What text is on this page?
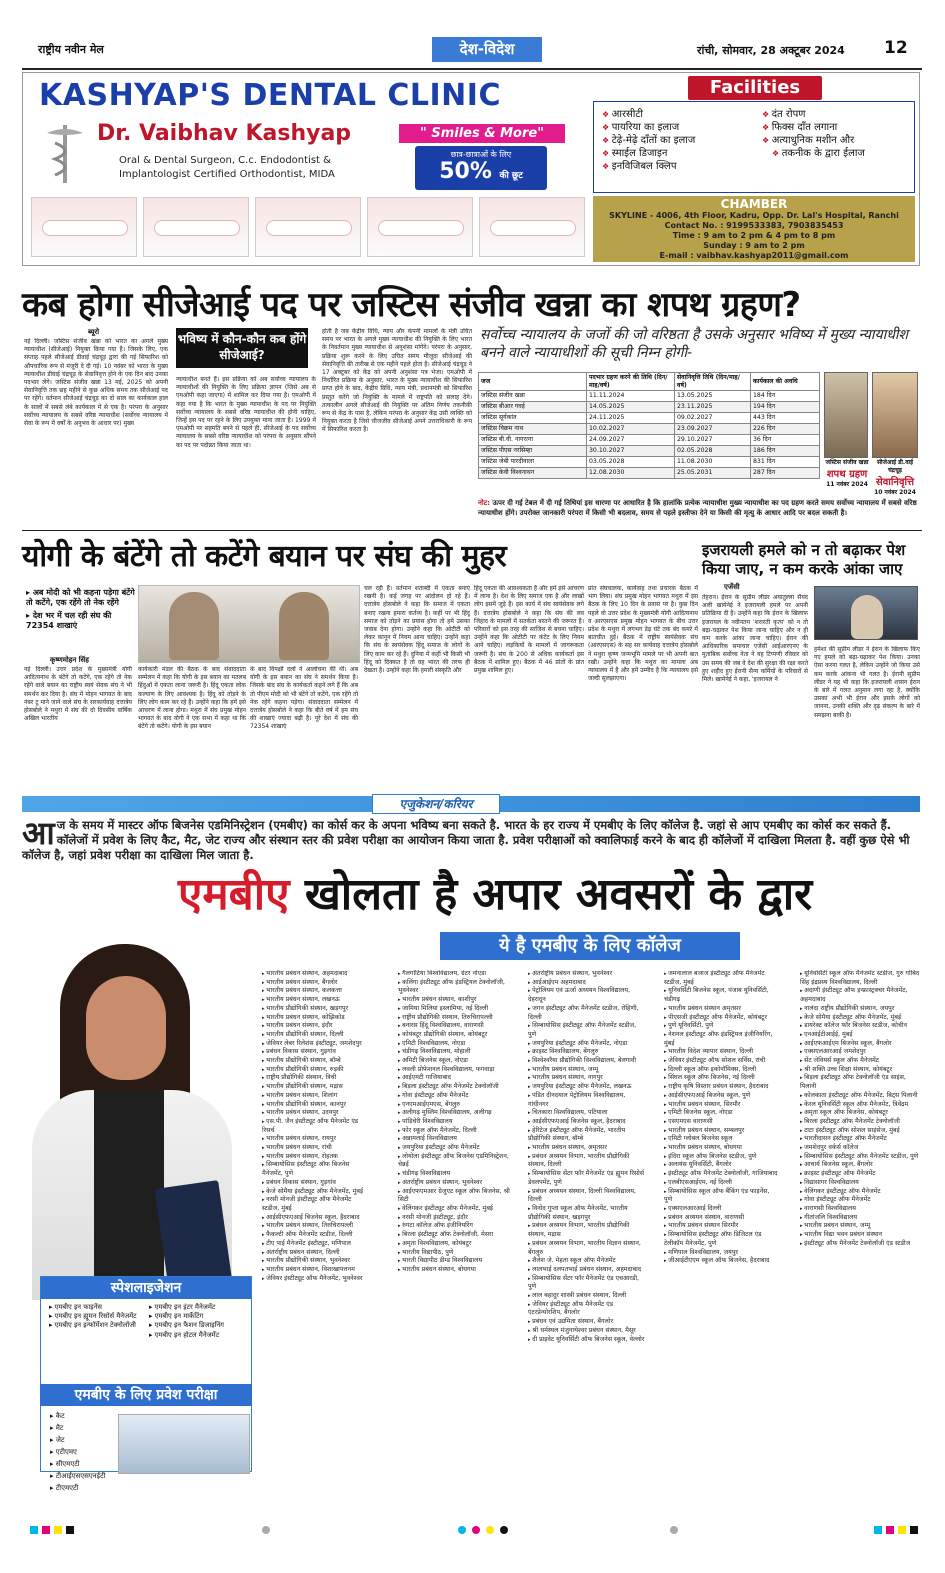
राष्ट्रीय नवीन मेल	देश-विदेश	रांची, सोमवार, 28 अक्टूबर 2024 12
KASHYAP'S DENTAL CLINIC
Dr. Vaibhav Kashyap	" Smiles & More"
Oral & Dental Surgeon, C.c. Endodontist &
Implantologist Certified Orthodontist, MIDA
छात्र-छात्राओं के लिए
50% की छूट
Facilities
❖ आरसीटी
❖ पायरिया का इलाज
❖ टेढ़े-मेढ़े दाँतों का इलाज
❖ स्माईल डिजाइन
❖ इनविजिबल क्लिप
❖ दंत रोपण
❖ फिक्स दाँत लगाना
❖ अत्याधुनिक मशीन और
❖ तकनीक के द्वारा ईलाज
CHAMBER
SKYLINE - 4006, 4th Floor, Kadru, Opp. Dr. Lal's Hospital, Ranchi
Contact No. : 9199533383, 7903835453
Time : 9 am to 2 pm & 4 pm to 8 pm
Sunday : 9 am to 2 pm
E-mail : vaibhav.kashyap2011@gmail.com
कब होगा सीजेआई पद पर जस्टिस संजीव खन्ना का शपथ ग्रहण?
ब्यूरो
नई दिल्ली। जस्टिस संजीव खन्ना को भारत का अगले मुख्य न्यायाधीश (सीजेआई) नियुक्त किया गया है। जिसके लिए, एक सप्ताह पहले सीजेआई डीवाई चंद्रचूड़ द्वारा की गई सिफारिश को औपचारिक रूप से मंजूरी दे दी गई। 10 नवंबर को भारत के मुख्य न्यायाधीश डीवाई चंद्रचूड़ के सेवानिवृत्त होने के एक दिन बाद उनका पदभार लेंगे। जस्टिस संजीव खन्ना 13 मई, 2025 को अपनी सेवानिवृत्ति तक छह महीने से कुछ अधिक समय तक सीजेआई पद पर रहेंगे। वर्तमान सीजेआई चंद्रचूड़ का दो साल का कार्यकाल हाल के सालों में सबसे लंबे कार्यकाल में से एक है। परंपरा के अनुसार सर्वोच्च न्यायालय के सबसे वरिष्ठ न्यायाधीश (सर्वोच्च न्यायालय में सेवा के रूप में वर्षों के अनुभव के आधार पर) मुख्य
भविष्य में कौन-कौन कब होंगे सीजेआई?
न्यायाधीश बनते हैं। इस प्रक्रिया को अब सर्वोच्च न्यायालय के न्यायाधीशों की नियुक्ति के लिए प्रक्रिया ज्ञापन (जिसे अब से एमओपी कहा जाएगा) में शामिल कर दिया गया है। एमओपी में कहा गया है कि भारत के मुख्य न्यायाधीश के पद पर नियुक्ति सर्वोच्च न्यायालय के सबसे वरिष्ठ न्यायाधीश की होनी चाहिए, जिन्हें इस पद पर रहने के लिए उपयुक्त माना जाता है। 1999 में एमओपी पर सहमति बनने से पहले ही, सीजेआई के पद सर्वोच्च न्यायालय के सबसे वरिष्ठ न्यायाधीश को परंपरा के अनुसार सौंपने का पद पर पदोन्नत किया जाता था।
होती है जब केंद्रीय विधि, न्याय और कंपनी मामलों के मंत्री उचित समय पर भारत के अगले मुख्य न्यायाधीश की नियुक्ति के लिए भारत के निवर्तमान मुख्य न्यायाधीश से अनुशंसा मांगेंगे। परंपरा के अनुसार, प्रक्रिया शुरू करने के लिए उचित समय मौजूदा सीजेआई की सेवानिवृत्ति की तारीख से एक महीने पहले होता है। सीजेआई चंद्रचूड़ ने 17 अक्टूबर को केंद्र को अपनी अनुशंसा पत्र भेजा। एमओपी में निर्धारित प्रक्रिया के अनुसार, भारत के मुख्य न्यायाधीश की सिफारिश प्राप्त होने के बाद, केंद्रीय विधि, न्याय मंत्री, प्रधानमंत्री को सिफारिश प्रस्तुत करेंगे जो नियुक्ति के मामले में राष्ट्रपति को सलाह देंगे। तत्कालीन अगले सीजेआई की नियुक्ति पर अंतिम निर्णय तकनीकी रूप से केंद्र के पास है, लेकिन परंपरा के अनुसार केंद्र उसी व्यक्ति को नियुक्त करता है जिसे चीजजीव सीजेआई अपने उत्तराधिकारी के रूप में सिफारिश करता है।
सर्वोच्च न्यायालय के जजों की जो वरिष्ठता है उसके अनुसार भविष्य में मुख्य न्यायाधीश बनने वाले न्यायाधीशों की सूची निम्न होगी-
जज	पदभार ग्रहण करने की तिथि (दिन/माह/वर्ष)	सेवानिवृत्ति तिथि (दिन/माह/वर्ष)	कार्यकाल की अवधि
जस्टिस संजीव खन्ना	11.11.2024	13.05.2025	184 दिन
जस्टिस बीआर गवई	14.05.2025	23.11.2025	194 दिन
जस्टिस सूर्यकांत	24.11.2025	09.02.2027	443 दिन
जस्टिस विक्रम नाथ	10.02.2027	23.09.2027	226 दिन
जस्टिस बी.वी. नागरत्ना	24.09.2027	29.10.2027	36 दिन
जस्टिस पीएस नरसिम्हा	30.10.2027	02.05.2028	186 दिन
जस्टिस जेबी पारदीवाला	03.05.2028	11.08.2030	831 दिन
जस्टिस केवी विश्वनाथन	12.08.2030	25.05.2031	287 दिन
जस्टिस संजीव खन्ना
शपथ ग्रहण
11 नवंबर 2024
सीजेआई डी.वाई चंद्रचूड़
सेवानिवृत्ति
10 नवंबर 2024
नोट: ऊपर दी गई टेबल में दी गई तिथियां इस धारणा पर आधारित है कि हालांकि प्रत्येक न्यायाधीश मुख्य न्यायाधीश का पद ग्रहण करते समय सर्वोच्च न्यायालय में सबसे वरिष्ठ न्यायाधीश होंगे। उपरोक्त जानकारी परंपरा में किसी भी बदलाव, समय से पहले इस्तीफा देने या किसी की मृत्यु के आधार आदि पर बदल सकती है।
योगी के बंटेंगे तो कटेंगे बयान पर संघ की मुहर
▸ अब मोदी को भी कहना पड़ेगा बंटेंगे तो कटेंगे, एक रहेंगे तो नेक रहेंगे
▸ देश भर में चल रही संघ की 72354 शाखाएं
कृष्णमोहन सिंह
नई दिल्ली। उत्तर प्रदेश के मुख्यमंत्री योगी आदित्यनाथ के बंटेंगे तो कटेंगे, एक रहेंगे तो नेक रहेंगे वाले बयान का राष्ट्रीय स्वयं सेवक संघ ने भी समर्थन कर दिया है। संघ में मोहन भागवत के बाद नंबर टू माने जाने वाले संघ के सरकार्यवाह दत्तात्रेय होसबोले ने मथुरा में संघ की दो दिवसीय वार्षिक अखिल भारतीय
कार्यकारी मंडल की बैठक के बाद संवाददाता सम्मेलन में कहा कि योगी के इस बयान का मतलब हिंदुओं में एकता लाना जरूरी है। हिंदू एकता लोक कल्याण के लिए आवश्यक है। हिंदू को तोड़ने के लिए लोग काम कर रहे हैं। उन्होंने कहा कि हमें इसे आचरण में लाना होगा। मथुरा में संघ प्रमुख मोहन भागवत के बाद योगी ने एक सभा में कहा था कि बंटेंगे तो कटेंगे। योगी के इस बयान
के बाद विपक्षी दलों ने आलोचना की थी। अब योगी के इस बयान का संघ ने समर्थन किया है। जिसके बाद संघ के कार्यकर्ता कहने लगे हैं कि अब तो पीएम मोदी को भी बंटेंगे तो कटेंगे, एक रहेंगे तो नेक रहेंगे कहना पड़ेगा। संवाददाता सम्मेलन में दत्तात्रेय होसबोले ने कहा कि बीते वर्ष में हम संघ की शाखाएं ज्यादा बढ़ी है। पूरे देश में संघ की 72354 शाखाएं
चल रही हैं। वर्तमान शताब्दी में एकता बनाए रखनी है। कई जगह पर आंदोलन हो रहे हैं। दत्तात्रेय होसबोले ने कहा कि समाज में एकता बनाए रखना हमारा कर्तव्य है। कहीं पर भी हिंदू समाज को तोड़ने का प्रयास होगा तो हमें उसका जवाब देना होगा। उन्होंने कहा कि ओटीटी को लेकर कानून में नियम आना चाहिए। उन्होंने कहा कि संघ के स्वयंसेवक हिंदू समाज के लोगों के लिए काम कर रहे हैं। दुनिया में कहीं भी किसी भी हिंदू को दिक्कत है तो वह भारत की तरफ ही देखता है। उन्होंने कहा कि हमारी संस्कृति और
हिंदू एकता की आवश्यकता है और हमें इसे आचरण में लाना है। देश के लिए समाज एक है और लाखों लोग इसमें जुड़े हैं। इस कार्य में संघ स्वयंसेवक लगे हैं। दत्तात्रेय होसबोले ने कहा कि संघ की लव जिहाद के मामलों में सतर्कता बरतने की जरूरत है। परिवारों को इस तरह की साजिश से बचना चाहिए। उन्होंने कहा कि ओटीटी पर कंटेंट के लिए नियम आने चाहिए। लड़कियों के मामलों में जागरूकता जरूरी है। संघ के 200 से अधिक कार्यकर्ता इस बैठक में शामिल हुए। बैठक में 46 प्रांतों के प्रांत प्रमुख शामिल हुए।
प्रांत संघचालक, कार्यवाह तथा प्रचारक बैठक में भाग लिया। संघ प्रमुख मोहन भागवत मथुरा में इस बैठक के लिए 10 दिन के प्रवास पर है। कुछ दिन पहले वो उत्तर प्रदेश के मुख्यमंत्री योगी आदित्यनाथ व आरएसएस प्रमुख मोहन भागवत के बीच उत्तर प्रदेश के मथुरा में लगभग डेढ़ घंटे तक बंद कमरे में बातचीत हुई। बैठक में राष्ट्रीय स्वयंसेवक संघ (आरएसएस) के सह सर कार्यवाह दत्तात्रेय होसबोले ने मथुरा कृष्ण जन्मभूमि मामले पर भी अपनी बात रखी। उन्होंने कहा कि मथुरा का मामला अब न्यायालय में है और हमें उम्मीद है कि न्यायालय इसे जल्दी सुलझाएगा।
इजरायली हमले को न तो बढ़ाकर पेश किया जाए, न कम करके आंका जाए
एजेंसी
तेहरान। ईरान के सुप्रीम लीडर अयातुल्ला सैयद अली खामेनेई ने इजरायली हमले पर अपनी प्रतिक्रिया दी है। उन्होंने कहा कि ईरान के खिलाफ इजरायल के नवीनतम 'शरारती कृत्य' को न तो बढ़ा-चढ़ाकर पेश किया जाना चाहिए और न ही कम करके आंका जाना चाहिए। ईरान की आधिकारिक समाचार एजेंसी आईआरएनए के मुताबिक सर्वोच्च नेता ने यह टिप्पणी रविवार को उस समय की जब वे देश की सुरक्षा की रक्षा करते हुए शहीद हुए ईरानी सैन्य कर्मियों के परिवारों से मिले। खामेनेई ने कहा, 'इजरायल ने
हमेशा की सुप्रीम लीडर ने ईरान के खिलाफ किए गए हमले को बढ़ा-चढ़ाकर पेश किया। उनका ऐसा करना गलत है, लेकिन उन्होंने जो किया उसे कम करके आंकना भी गलत है। ईरानी सुप्रीम लीडर ने यह भी कहा कि इजरायली शासन ईरान के बारे में गलत अनुमान लगा रहा है, क्योंकि उसका अभी भी ईरान और इसके लोगों को जानना, उनकी शक्ति और दृढ़ संकल्प के बारे में समझना बाकी है।
एजुकेशन/करियर
आज के समय में मास्टर ऑफ बिजनेस एडमिनिस्ट्रेशन (एमबीए) का कोर्स कर के अपना भविष्य बना सकते है. भारत के हर राज्य में एमबीए के लिए कॉलेज है. जहां से आप एमबीए का कोर्स कर सकते हैं. कॉलेजों में प्रवेश के लिए कैट, मैट, जेट राज्य और संस्थान स्तर की प्रवेश परीक्षा का आयोजन किया जाता है. प्रवेश परीक्षाओं को क्वालिफाई करने के बाद ही कॉलेजों में दाखिला मिलता है. वहीं कुछ ऐसे भी कॉलेज है, जहां प्रवेश परीक्षा का दाखिला मिल जाता है.
एमबीए खोलता है अपार अवसरों के द्वार
ये है एमबीए के लिए कॉलेज
▸ भारतीय प्रबंधन संस्थान, अहमदाबाद
▸ भारतीय प्रबंधन संस्थान, बैंगलोर
▸ भारतीय प्रबंधन संस्थान, कलकत्ता
▸ भारतीय प्रबंधन संस्थान, लखनऊ
▸ भारतीय प्रौद्योगिकी संस्थान, खड़गपुर
▸ भारतीय प्रबंधन संस्थान, कोझिकोड
▸ भारतीय प्रबंधन संस्थान, इंदौर
▸ भारतीय प्रौद्योगिकी संस्थान, दिल्ली
▸ जेवियर लेबर रिलेशंस इंस्टीट्यूट, जमशेदपुर
▸ प्रबंधन विकास संस्थान, गुड़गांव
▸ भारतीय प्रौद्योगिकी संस्थान, बॉम्बे
▸ भारतीय प्रौद्योगिकी संस्थान, रुड़की
▸ राष्ट्रीय प्रौद्योगिकी संस्थान, त्रिची
▸ भारतीय प्रौद्योगिकी संस्थान, मद्रास
▸ भारतीय प्रबंधन संस्थान, शिलांग
▸ भारतीय प्रौद्योगिकी संस्थान, कानपुर
▸ भारतीय प्रबंधन संस्थान, उदयपुर
▸ एस.पी. जैन इंस्टीट्यूट ऑफ मैनेजमेंट एंड रिसर्च
▸ भारतीय प्रबंधन संस्थान, रायपुर
▸ भारतीय प्रबंधन संस्थान, रांची
▸ भारतीय प्रबंधन संस्थान, रोहतक
▸ सिम्बायोसिस इंस्टीट्यूट ऑफ बिजनेस मैनेजमेंट, पुणे
▸ प्रबंधन विकास संस्थान, गुड़गांव
▸ केजे सोमैया इंस्टीट्यूट ऑफ मैनेजमेंट, मुंबई
▸ नरसी मोनजी इंस्टीट्यूट ऑफ मैनेजमेंट स्टडीज, मुंबई
▸ आईसीएफएआई बिजनेस स्कूल, हैदराबाद
▸ भारतीय प्रबंधन संस्थान, तिरुचिरापल्ली
▸ फैकल्टी ऑफ मैनेजमेंट स्टडीज, दिल्ली
▸ टीए पाई मैनेजमेंट इंस्टीट्यूट, मणिपाल
▸ अंतर्राष्ट्रीय प्रबंधन संस्थान, दिल्ली
▸ भारतीय प्रौद्योगिकी संस्थान, भुवनेश्वर
▸ भारतीय प्रबंधन संस्थान, विशाखापत्तनम
▸ जेवियर इंस्टीट्यूट ऑफ मैनेजमेंट, भुवनेश्वर
▸ गैलगोटिया विश्वविद्यालय, ग्रेटर नोएडा
▸ कलिंगा इंस्टीट्यूट ऑफ इंडस्ट्रियल टेक्नोलॉजी, भुवनेश्वर
▸ भारतीय प्रबंधन संस्थान, काशीपुर
▸ जामिया मिलिया इस्लामिया, नई दिल्ली
▸ राष्ट्रीय प्रौद्योगिकी संस्थान, तिरुचिरापल्ली
▸ बनारस हिंदू विश्वविद्यालय, वाराणसी
▸ कोयंबटूर प्रौद्योगिकी संस्थान, कोयंबटूर
▸ एमिटी विश्वविद्यालय, नोएडा
▸ चंडीगढ़ विश्वविद्यालय, मोहाली
▸ अमिटी बिजनेस स्कूल, नोएडा
▸ लवली प्रोफेशनल विश्वविद्यालय, फगवाड़ा
▸ आईएमटी गाजियाबाद
▸ बिड़ला इंस्टीट्यूट ऑफ मैनेजमेंट टेक्नोलॉजी
▸ गोवा इंस्टीट्यूट ऑफ मैनेजमेंट
▸ एनएमआईएमएस, बेंगलुरु
▸ अलीगढ़ मुस्लिम विश्वविद्यालय, अलीगढ़
▸ पांडिचेरी विश्वविद्यालय
▸ फोर स्कूल ऑफ मैनेजमेंट, दिल्ली
▸ अन्नामलाई विश्वविद्यालय
▸ जयपुरिया इंस्टीट्यूट ऑफ मैनेजमेंट
▸ लोयोला इंस्टीट्यूट ऑफ बिजनेस एडमिनिस्ट्रेशन, चेन्नई
▸ चंडीगढ़ विश्वविद्यालय
▸ अंतर्राष्ट्रीय प्रबंधन संस्थान, भुवनेश्वर
▸ आईएफएमआर ग्रेजुएट स्कूल ऑफ बिजनेस, श्री सिटी
▸ वेलिंगकर इंस्टीट्यूट ऑफ मैनेजमेंट, मुंबई
▸ नरसी मोनजी इंस्टीट्यूट, इंदौर
▸ रुंगटा कॉलेज ऑफ इंजीनियरिंग
▸ बिरला इंस्टीट्यूट ऑफ टेक्नोलॉजी, मेसरा
▸ अमृता विश्वविद्यालय, कोयंबटूर
▸ भारतीय विद्यापीठ, पुणे
▸ भारती विद्यापीठ डीम्ड विश्वविद्यालय
▸ भारतीय प्रबंधन संस्थान, बोधगया
▸ अंतर्राष्ट्रीय प्रबंधन संस्थान, भुवनेश्वर
▸ आईआईएम अहमदाबाद
▸ पेट्रोलियम एवं ऊर्जा अध्ययन विश्वविद्यालय, देहरादून
▸ जगन इंस्टीट्यूट ऑफ मैनेजमेंट स्टडीज, रोहिणी, दिल्ली
▸ सिम्बायोसिस इंस्टीट्यूट ऑफ मैनेजमेंट स्टडीज, पुणे
▸ जयपुरिया इंस्टीट्यूट ऑफ मैनेजमेंट, नोएडा
▸ क्राइस्ट विश्वविद्यालय, बेंगलुरु
▸ विश्वेश्वरैया प्रौद्योगिकी विश्वविद्यालय, बेलगावी
▸ भारतीय प्रबंधन संस्थान, जम्मू
▸ भारतीय प्रबंधन संस्थान, नागपुर
▸ जयपुरिया इंस्टीट्यूट ऑफ मैनेजमेंट, लखनऊ
▸ पंडित दीनदयाल पेट्रोलियम विश्वविद्यालय, गांधीनगर
▸ चितकारा विश्वविद्यालय, पटियाला
▸ आईसीएफएआई बिजनेस स्कूल, हैदराबाद
▸ हेरिटेज इंस्टीट्यूट ऑफ मैनेजमेंट, भारतीय प्रौद्योगिकी संस्थान, बॉम्बे
▸ भारतीय प्रबंधन संस्थान, अमृतसर
▸ प्रबंधन अध्ययन विभाग, भारतीय प्रौद्योगिकी संस्थान, दिल्ली
▸ सिम्बायोसिस सेंटर फॉर मैनेजमेंट एंड ह्यूमन रिसोर्स डेवलपमेंट, पुणे
▸ प्रबंधन अध्ययन संस्थान, दिल्ली विश्वविद्यालय, दिल्ली
▸ विनोद गुप्ता स्कूल ऑफ मैनेजमेंट, भारतीय प्रौद्योगिकी संस्थान, खड़गपुर
▸ प्रबंधन अध्ययन विभाग, भारतीय प्रौद्योगिकी संस्थान, मद्रास
▸ प्रबंधन अध्ययन विभाग, भारतीय विज्ञान संस्थान, बेंगलुरु
▸ शैलेश जे. मेहता स्कूल ऑफ मैनेजमेंट
▸ लालभाई दलपतभाई प्रबंधन संस्थान, अहमदाबाद
▸ सिम्बायोसिस सेंटर फॉर मैनेजमेंट एंड एचआरडी, पुणे
▸ लाल बहादुर शास्त्री प्रबंधन संस्थान, दिल्ली
▸ जेवियर इंस्टीट्यूट ऑफ मैनेजमेंट एंड एंटरप्रेन्योरशिप, बैंगलोर
▸ प्रबंधन एवं उद्यमिता संस्थान, बैंगलोर
▸ श्री धर्मस्थल मंजुनाथेश्वर प्रबंधन संस्थान, मैसूर
▸ दी प्राइवेट यूनिवर्सिटी ऑफ बिजनेस स्कूल, वेल्लोर
▸ जमनालाल बजाज इंस्टीट्यूट ऑफ मैनेजमेंट स्टडीज, मुंबई
▸ यूनिवर्सिटी बिजनेस स्कूल, पंजाब यूनिवर्सिटी, चंडीगढ़
▸ भारतीय प्रबंधन संस्थान अमृतसर
▸ पीएसजी इंस्टीट्यूट ऑफ मैनेजमेंट, कोयंबटूर
▸ पुणे यूनिवर्सिटी, पुणे
▸ नेशनल इंस्टीट्यूट ऑफ इंडस्ट्रियल इंजीनियरिंग, मुंबई
▸ भारतीय विदेश व्यापार संस्थान, दिल्ली
▸ जेवियर इंस्टीट्यूट ऑफ सोशल सर्विस, रांची
▸ दिल्ली स्कूल ऑफ इकोनॉमिक्स, दिल्ली
▸ सिंघल स्कूल ऑफ बिजनेस, नई दिल्ली
▸ राष्ट्रीय कृषि विस्तार प्रबंधन संस्थान, हैदराबाद
▸ आईसीएफएआई बिजनेस स्कूल, पुणे
▸ भारतीय प्रबंधन संस्थान, सिरमौर
▸ एमिटी बिजनेस स्कूल, नोएडा
▸ एसएमएस वाराणसी
▸ भारतीय प्रबंधन संस्थान, सम्बलपुर
▸ एमिटी ग्लोबल बिजनेस स्कूल
▸ भारतीय प्रबंधन संस्थान, बोधगया
▸ इंदिरा स्कूल ऑफ बिजनेस स्टडीज, पुणे
▸ अलायंस यूनिवर्सिटी, बैंगलोर
▸ इंस्टीट्यूट ऑफ मैनेजमेंट टेक्नोलॉजी, गाजियाबाद
▸ एलबीएसआईएम, नई दिल्ली
▸ सिम्बायोसिस स्कूल ऑफ बैंकिंग एंड फाइनेंस, पुणे
▸ एक्सएलआरआई दिल्ली
▸ प्रबंधन अध्ययन संस्थान, वाराणसी
▸ भारतीय प्रबंधन संस्थान सिरमौर
▸ सिम्बायोसिस इंस्टीट्यूट ऑफ डिजिटल एंड टेलीकॉम मैनेजमेंट, पुणे
▸ मणिपाल विश्वविद्यालय, जयपुर
▸ जीआईटीएएम स्कूल ऑफ बिजनेस, हैदराबाद
▸ यूनिवर्सिटी स्कूल ऑफ मैनेजमेंट स्टडीज, गुरु गोबिंद सिंह इंद्रप्रस्थ विश्वविद्यालय, दिल्ली
▸ अदाणी इंस्टीट्यूट ऑफ इन्फ्रास्ट्रक्चर मैनेजमेंट, अहमदाबाद
▸ नालंदा राष्ट्रीय प्रौद्योगिकी संस्थान, जयपुर
▸ केजे सोमैया इंस्टीट्यूट ऑफ मैनेजमेंट, मुंबई
▸ डायरेक्ट कॉलेज फॉर बिजनेस स्टडीज, कोचीन
▸ एनआईटीआईई, मुंबई
▸ आईएफआईएम बिजनेस स्कूल, बैंगलोर
▸ एक्सएलआरआई जमशेदपुर
▸ सेंट जेवियर्स स्कूल ऑफ मैनेजमेंट
▸ श्री शक्ति उच्च शिक्षा संस्थान, कोयंबटूर
▸ बिड़ला इंस्टीट्यूट ऑफ टेक्नोलॉजी एंड साइंस, पिलानी
▸ कोलकाता इंस्टीट्यूट ऑफ मैनेजमेंट, बिट्स पिलानी
▸ केरल यूनिवर्सिटी स्कूल ऑफ मैनेजमेंट, त्रिवेंद्रम
▸ अमृता स्कूल ऑफ बिजनेस, कोयंबटूर
▸ बिरला इंस्टीट्यूट ऑफ मैनेजमेंट टेक्नोलॉजी
▸ टाटा इंस्टीट्यूट ऑफ सोशल साइंसेज, मुंबई
▸ भारतीदासन इंस्टीट्यूट ऑफ मैनेजमेंट
▸ जमशेदपुर वर्कर्स कॉलेज
▸ सिम्बायोसिस इंस्टीट्यूट ऑफ मैनेजमेंट स्टडीज, पुणे
▸ आचार्य बिजनेस स्कूल, बैंगलोर
▸ क्राइस्ट इंस्टीट्यूट ऑफ मैनेजमेंट
▸ विद्यासागर विश्वविद्यालय
▸ वेलिंगकर इंस्टीट्यूट ऑफ मैनेजमेंट
▸ गोवा इंस्टीट्यूट ऑफ मैनेजमेंट
▸ वाराणसी विश्वविद्यालय
▸ गीतांजलि विश्वविद्यालय
▸ भारतीय प्रबंधन संस्थान, जम्मू
▸ भारतीय विद्या भवन प्रबंधन संस्थान
▸ इंस्टीट्यूट ऑफ मैनेजमेंट टेक्नोलॉजी एंड स्टडीज
स्पेशलाइजेशन
▸ एमबीए इन फाइनेंस
▸ एमबीए इन ह्यूमन रिसोर्स मैनेजमेंट
▸ एमबीए इन इन्फॉर्मेशन टेक्नोलॉजी
▸ एमबीए इन इंटर मैनेजमेंट
▸ एमबीए इन मार्केटिंग
▸ एमबीए इन फैशन डिजाइनिंग
▸ एमबीए इन होटल मैनेजमेंट
एमबीए के लिए प्रवेश परीक्षा
▸ कैट
▸ मैट
▸ जेट
▸ एटीएमए
▸ सीएमएटी
▸ टीआईएसएसएनईटी
▸ टीएमएटी
